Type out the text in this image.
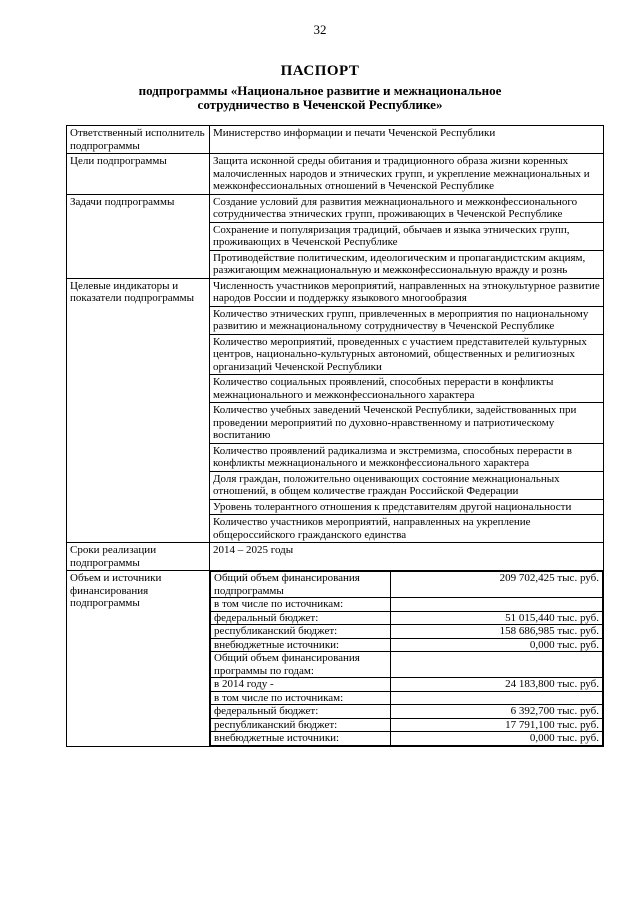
32
ПАСПОРТ
подпрограммы «Национальное развитие и межнациональное сотрудничество в Чеченской Республике»
Ответственный исполнитель подпрограммы	Министерство информации и печати Чеченской Республики
Цели подпрограммы	Защита исконной среды обитания и традиционного образа жизни коренных малочисленных народов и этнических групп, и укрепление межнациональных и межконфессиональных отношений в Чеченской Республике
Задачи подпрограммы	Создание условий для развития межнационального и межконфессионального сотрудничества этнических групп, проживающих в Чеченской Республике
Сохранение и популяризация традиций, обычаев и языка этнических групп, проживающих в Чеченской Республике
Противодействие политическим, идеологическим и пропагандистским акциям, разжигающим межнациональную и межконфессиональную вражду и рознь
Целевые индикаторы и показатели подпрограммы	Численность участников мероприятий, направленных на этнокультурное развитие народов России и поддержку языкового многообразия
Количество этнических групп, привлеченных в мероприятия по национальному развитию и межнациональному сотрудничеству в Чеченской Республике
Количество мероприятий, проведенных с участием представителей культурных центров, национально-культурных автономий, общественных и религиозных организаций Чеченской Республики
Количество социальных проявлений, способных перерасти в конфликты межнационального и межконфессионального характера
Количество учебных заведений Чеченской Республики, задействованных при проведении мероприятий по духовно-нравственному и патриотическому воспитанию
Количество проявлений радикализма и экстремизма, способных перерасти в конфликты межнационального и межконфессионального характера
Доля граждан, положительно оценивающих состояние межнациональных отношений, в общем количестве граждан Российской Федерации
Уровень толерантного отношения к представителям другой национальности
Количество участников мероприятий, направленных на укрепление общероссийского гражданского единства
Сроки реализации подпрограммы	2014 – 2025 годы
Объем и источники финансирования подпрограммы	
Общий объем финансирования подпрограммы	209 702,425 тыс. руб.
в том числе по источникам:	
федеральный бюджет:	51 015,440 тыс. руб.
республиканский бюджет:	158 686,985 тыс. руб.
внебюджетные источники:	0,000 тыс. руб.
Общий объем финансирования программы по годам:	
в 2014 году -	24 183,800 тыс. руб.
в том числе по источникам:	
федеральный бюджет:	6 392,700 тыс. руб.
республиканский бюджет:	17 791,100 тыс. руб.
внебюджетные источники:	0,000 тыс. руб.
